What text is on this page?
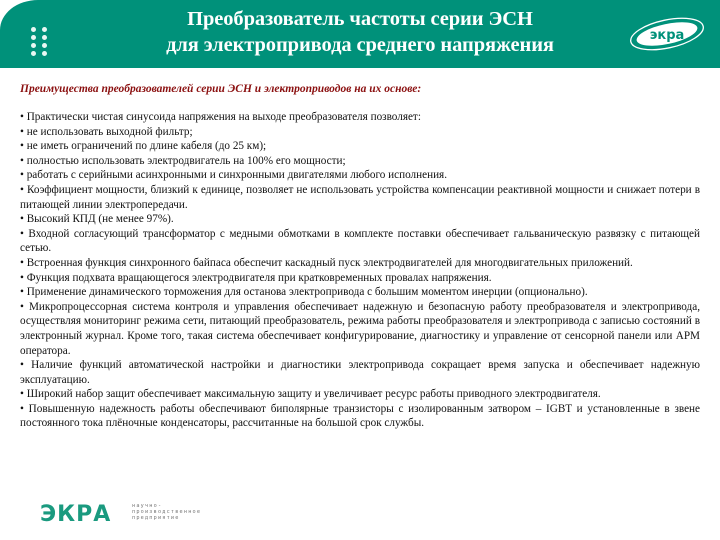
Преобразователь частоты серии ЭСН
для электропривода среднего напряжения	экра
Преимущества преобразователей серии ЭСН и электроприводов на их основе:

• Практически чистая синусоида напряжения на выходе преобразователя позволяет:

• не использовать выходной фильтр;

• не иметь ограничений по длине кабеля (до 25 км);

• полностью использовать электродвигатель на 100% его мощности;

• работать с серийными асинхронными и синхронными двигателями любого исполнения.

• Коэффициент мощности, близкий к единице, позволяет не использовать устройства компенсации реактивной мощности и снижает потери в питающей линии электропередачи.

• Высокий КПД (не менее 97%).

• Входной согласующий трансформатор с медными обмотками в комплекте поставки обеспечивает гальваническую развязку с питающей сетью.

• Встроенная функция синхронного байпаса обеспечит каскадный пуск электродвигателей для многодвигательных приложений.

• Функция подхвата вращающегося электродвигателя при кратковременных провалах напряжения.

• Применение динамического торможения для останова электропривода с большим моментом инерции (опционально).

• Микропроцессорная система контроля и управления обеспечивает надежную и безопасную работу преобразователя и электропривода, осуществляя мониторинг режима сети, питающий преобразователь, режима работы преобразователя и электропривода с записью состояний в электронный журнал. Кроме того, такая система обеспечивает конфигурирование, диагностику и управление от сенсорной панели или АРМ оператора.

• Наличие функций автоматической настройки и диагностики электропривода сокращает время запуска и обеспечивает надежную эксплуатацию.

• Широкий набор защит обеспечивает максимальную защиту и увеличивает ресурс работы приводного электродвигателя.

• Повышенную надежность работы обеспечивают биполярные транзисторы с изолированным затвором – IGBT и установленные в звене постоянного тока плёночные конденсаторы, рассчитанные на большой срок службы.

ЭКРА	научно-
производственное
предприятие
